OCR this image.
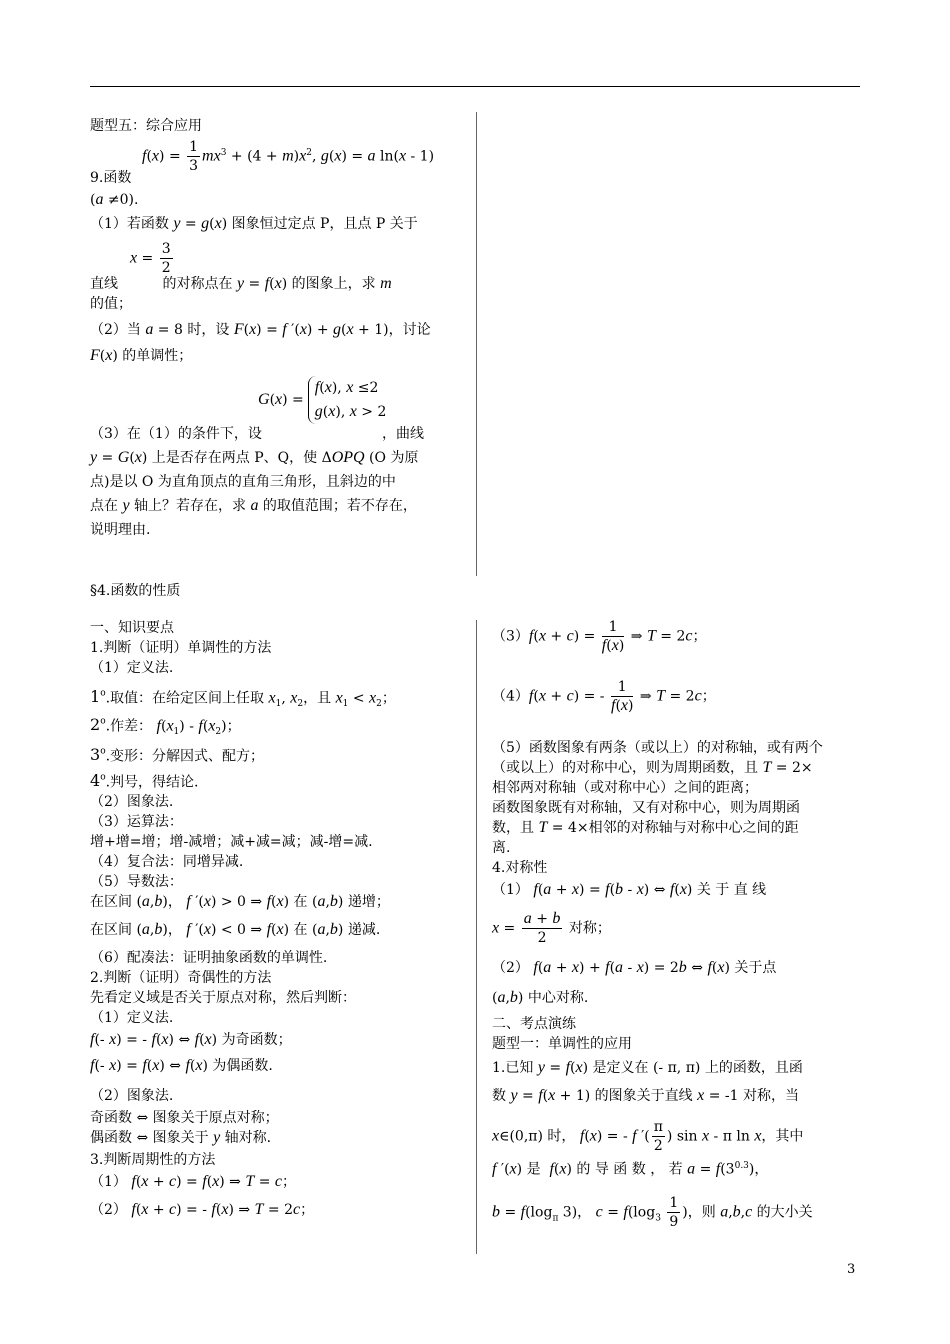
题型五：综合应用

$f(x) = \frac{1}{3} mx^3 + (4 + m)x^2$, g(x) = a ln(x - 1)

9.函数

(a ≠0).

（1）若函数 y = g(x) 图象恒过定点 P，且点 P 关于

$x = \frac{3}{2}$

直线          的对称点在 y = f(x) 的图象上，求 m

的值；

（2）当 a = 8 时，设 F(x) = f ′(x) + g(x + 1)，讨论

F(x) 的单调性；

G(x) =
f(x), x ≤2
g(x), x > 2

（3）在（1）的条件下，设                           ，曲线

y = G(x) 上是否存在两点 P、Q，使 ΔOPQ (O 为原

点)是以 O 为直角顶点的直角三角形，且斜边的中

点在 y 轴上？若存在，求 a 的取值范围；若不存在，

说明理由.

§4.函数的性质

一、知识要点

1.判断（证明）单调性的方法

（1）定义法.

1$^o$.取值：在给定区间上任取 $x_1$, $x_2$，且 $x_1 < x_2$；

2$^o$.作差： $f(x_1) - f(x_2)$；

3$^o$.变形：分解因式、配方；

4$^o$.判号，得结论.

（2）图象法.

（3）运算法：

增+增=增；增-减增；减+减=减；减-增=减.

（4）复合法：同增异减.

（5）导数法：

在区间 (a,b)， f ′(x) > 0 ⇒ f(x) 在 (a,b) 递增；

在区间 (a,b)， f ′(x) < 0 ⇒ f(x) 在 (a,b) 递减.

（6）配凑法：证明抽象函数的单调性.

2.判断（证明）奇偶性的方法

先看定义域是否关于原点对称，然后判断：

（1）定义法.

f(- x) = - f(x) ⇔ f(x) 为奇函数；

f(- x) = f(x) ⇔ f(x) 为偶函数.

（2）图象法.

奇函数 ⇔ 图象关于原点对称；

偶函数 ⇔ 图象关于 y 轴对称.

3.判断周期性的方法

（1） f(x + c) = f(x) ⇒ T = c；

（2） f(x + c) = - f(x) ⇒ T = 2c；

$(3)f(x + c) = \frac{1}{f(x)}$ ⇒ T = 2c；

（4）f(x + c) = - $\frac{1}{f(x)}$ ⇒ T = 2c；

（5）函数图象有两条（或以上）的对称轴，或有两个

（或以上）的对称中心，则为周期函数，且 T = 2×

相邻两对称轴（或对称中心）之间的距离；

函数图象既有对称轴，又有对称中心，则为周期函

数，且 T = 4×相邻的对称轴与对称中心之间的距

离.

4.对称性

（1） f(a + x) = f(b - x) ⇔ f(x) 关 于 直 线

$x = \frac{a + b}{2}$ 对称；

（2） f(a + x) + f(a - x) = 2b ⇔ f(x) 关于点

(a,b) 中心对称.

二、考点演练

题型一：单调性的应用

1.已知 y = f(x) 是定义在 (- π, π) 上的函数，且函

数 y = f(x + 1) 的图象关于直线 x = -1 对称，当

x∈(0,π) 时， f(x) = - f ′( $\frac{\pi}{2}$ ) sin x - π ln x，其中

f ′(x) 是  f(x) 的 导 函 数 ， 若 $a = f(3^{0.3})$，

$b = f(\log_\pi$ 3)， $c = f(\log_3 \frac{1}{9}$ )，则 a,b,c 的大小关

3
